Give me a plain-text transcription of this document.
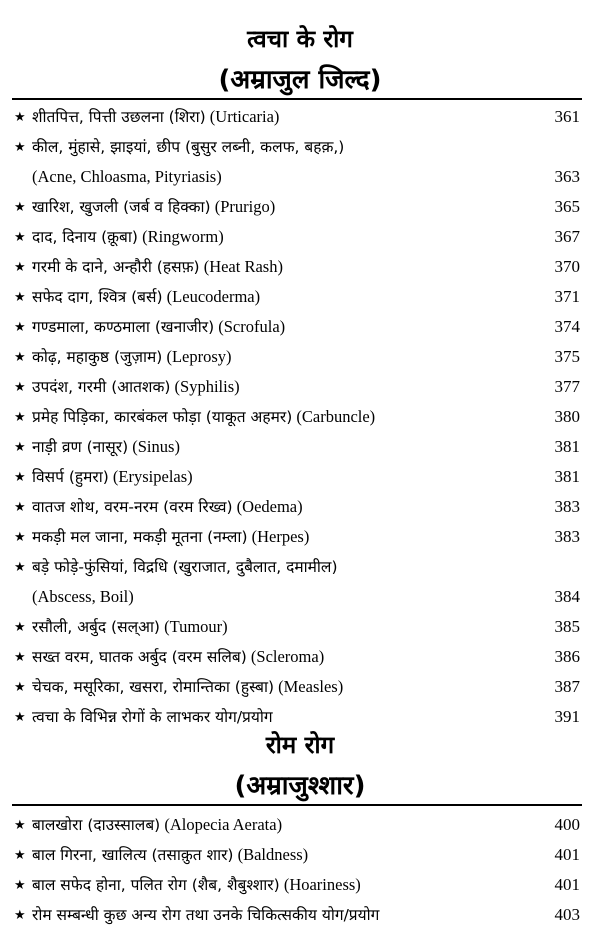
त्वचा के रोग
(अम्राजुल जिल्द)
★ शीतपित्त, पित्ती उछलना (शिरा) (Urticaria)	361
★ कील, मुंहासे, झाइयां, छीप (बुसुर लब्नी, कलफ, बहक़,)
(Acne, Chloasma, Pityriasis)	363
★ खारिश, खुजली (जर्ब व हिक्का) (Prurigo)	365
★ दाद, दिनाय (क़ूबा) (Ringworm)	367
★ गरमी के दाने, अन्हौरी (हसफ़) (Heat Rash)	370
★ सफेद दाग, श्वित्र (बर्स) (Leucoderma)	371
★ गण्डमाला, कण्ठमाला (खनाजीर) (Scrofula)	374
★ कोढ़, महाकुष्ठ (जुज़ाम) (Leprosy)	375
★ उपदंश, गरमी (आतशक) (Syphilis)	377
★ प्रमेह पिड़िका, कारबंकल फोड़ा (याकूत अहमर) (Carbuncle)	380
★ नाड़ी व्रण (नासूर) (Sinus)	381
★ विसर्प (हुमरा) (Erysipelas)	381
★ वातज शोथ, वरम-नरम (वरम रिख्व) (Oedema)	383
★ मकड़ी मल जाना, मकड़ी मूतना (नम्ला) (Herpes)	383
★ बड़े फोड़े-फुंसियां, विद्रधि (खुराजात, दुबैलात, दमामील)
(Abscess, Boil)	384
★ रसौली, अर्बुद (सल्आ) (Tumour)	385
★ सख्त वरम, घातक अर्बुद (वरम सलिब) (Scleroma)	386
★ चेचक, मसूरिका, खसरा, रोमान्तिका (हुस्बा) (Measles)	387
★ त्वचा के विभिन्न रोगों के लाभकर योग/प्रयोग	391
रोम रोग
(अम्राजुश्शार)
★ बालखोरा (दाउस्सालब) (Alopecia Aerata)	400
★ बाल गिरना, खालित्य (तसाक़ुत शार) (Baldness)	401
★ बाल सफेद होना, पलित रोग (शैब, शैबुश्शार) (Hoariness)	401
★ रोम सम्बन्धी कुछ अन्य रोग तथा उनके चिकित्सकीय योग/प्रयोग	403
